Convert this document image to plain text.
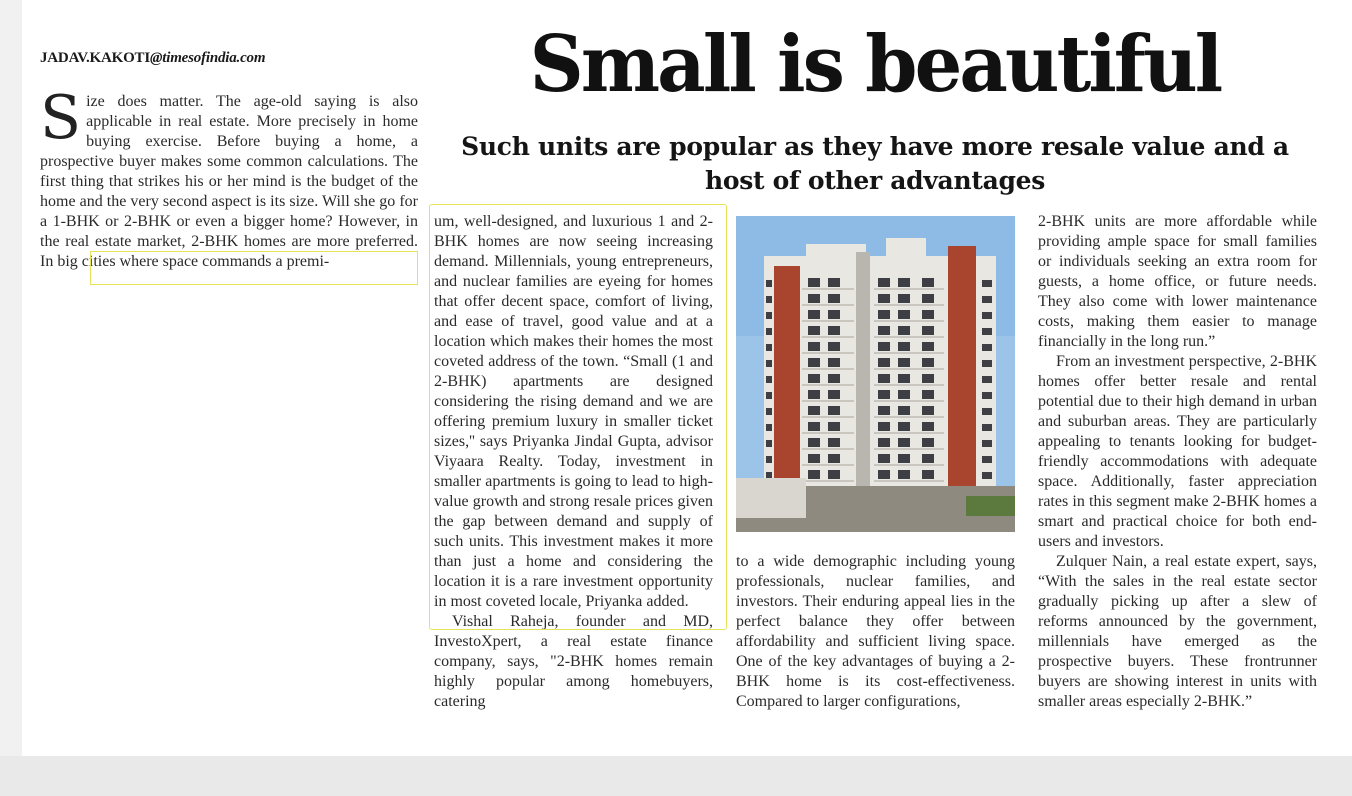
JADAV.KAKOTI@timesofindia.com	Small is beautiful
Such units are popular as they have more resale value and a host of other advantages

Size does matter. The age-old saying is also applicable in real estate. More precisely in home buying exercise. Before buying a home, a prospective buyer makes some common calculations. The first thing that strikes his or her mind is the budget of the home and the very second aspect is its size. Will she go for a 1-BHK or 2-BHK or even a bigger home? However, in the real estate market, 2-BHK homes are more preferred. In big cities where space commands a premi-

um, well-designed, and luxurious 1 and 2-BHK homes are now seeing increasing demand. Millennials, young entrepreneurs, and nuclear families are eyeing for homes that offer decent space, comfort of living, and ease of travel, good value and at a location which makes their homes the most coveted address of the town. “Small (1 and 2-BHK) apartments are designed considering the rising demand and we are offering premium luxury in smaller ticket sizes,'' says Priyanka Jindal Gupta, advisor Viyaara Realty. Today, investment in smaller apartments is going to lead to high-value growth and strong resale prices given the gap between demand and supply of such units. This investment makes it more than just a home and considering the location it is a rare investment opportunity in most coveted locale, Priyanka added.

Vishal Raheja, founder and MD, InvestoXpert, a real estate finance company, says, "2-BHK homes remain highly popular among homebuyers, catering

to a wide demographic including young professionals, nuclear families, and investors. Their enduring appeal lies in the perfect balance they offer between affordability and sufficient living space. One of the key advantages of buying a 2-BHK home is its cost-effectiveness. Compared to larger configurations,

2-BHK units are more affordable while providing ample space for small families or individuals seeking an extra room for guests, a home office, or future needs. They also come with lower maintenance costs, making them easier to manage financially in the long run.”

From an investment perspective, 2-BHK homes offer better resale and rental potential due to their high demand in urban and suburban areas. They are particularly appealing to tenants looking for budget-friendly accommodations with adequate space. Additionally, faster appreciation rates in this segment make 2-BHK homes a smart and practical choice for both end-users and investors.

Zulquer Nain, a real estate expert, says, “With the sales in the real estate sector gradually picking up after a slew of reforms announced by the government, millennials have emerged as the prospective buyers. These frontrunner buyers are showing interest in units with smaller areas especially 2-BHK.”
